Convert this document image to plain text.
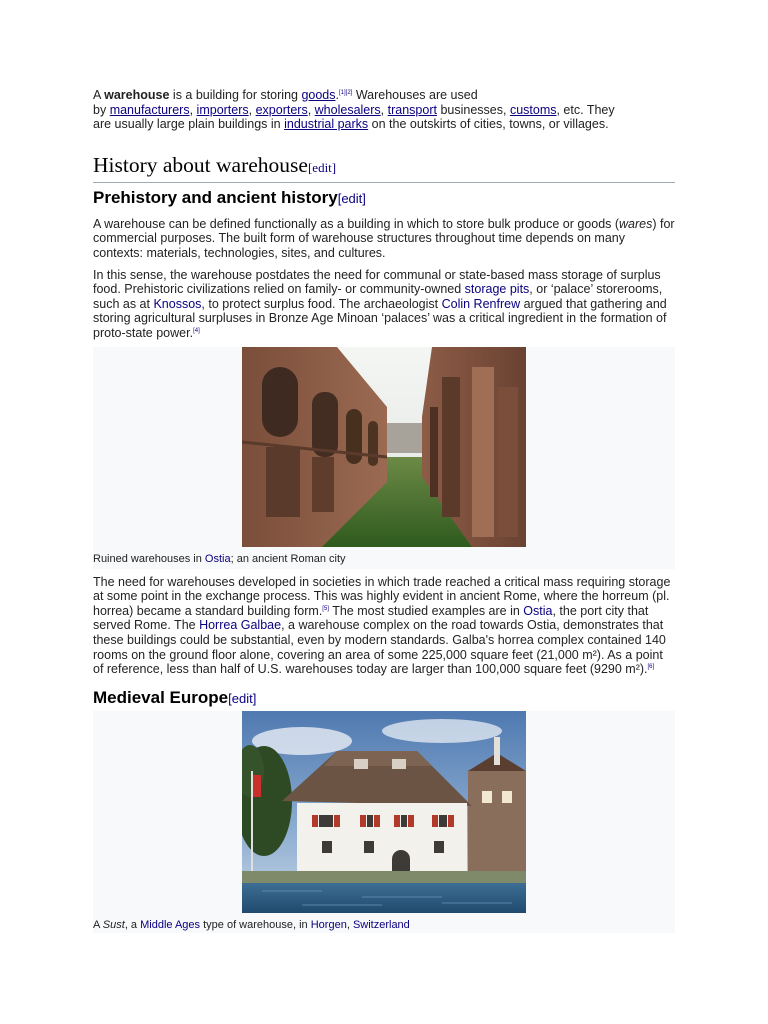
A warehouse is a building for storing goods.[1][2] Warehouses are used
by manufacturers, importers, exporters, wholesalers, transport businesses, customs, etc. They
are usually large plain buildings in industrial parks on the outskirts of cities, towns, or villages.

History about warehouse[edit]
Prehistory and ancient history[edit]

A warehouse can be defined functionally as a building in which to store bulk produce or goods (wares) for commercial purposes. The built form of warehouse structures throughout time depends on many contexts: materials, technologies, sites, and cultures.

In this sense, the warehouse postdates the need for communal or state-based mass storage of surplus food. Prehistoric civilizations relied on family- or community-owned storage pits, or ‘palace’ storerooms, such as at Knossos, to protect surplus food. The archaeologist Colin Renfrew argued that gathering and storing agricultural surpluses in Bronze Age Minoan ‘palaces’ was a critical ingredient in the formation of proto-state power.[4]

Ruined warehouses in Ostia; an ancient Roman city

The need for warehouses developed in societies in which trade reached a critical mass requiring storage at some point in the exchange process. This was highly evident in ancient Rome, where the horreum (pl. horrea) became a standard building form.[5] The most studied examples are in Ostia, the port city that served Rome. The Horrea Galbae, a warehouse complex on the road towards Ostia, demonstrates that these buildings could be substantial, even by modern standards. Galba's horrea complex contained 140 rooms on the ground floor alone, covering an area of some 225,000 square feet (21,000 m²). As a point of reference, less than half of U.S. warehouses today are larger than 100,000 square feet (9290 m²).[6]

Medieval Europe[edit]
A Sust, a Middle Ages type of warehouse, in Horgen, Switzerland
